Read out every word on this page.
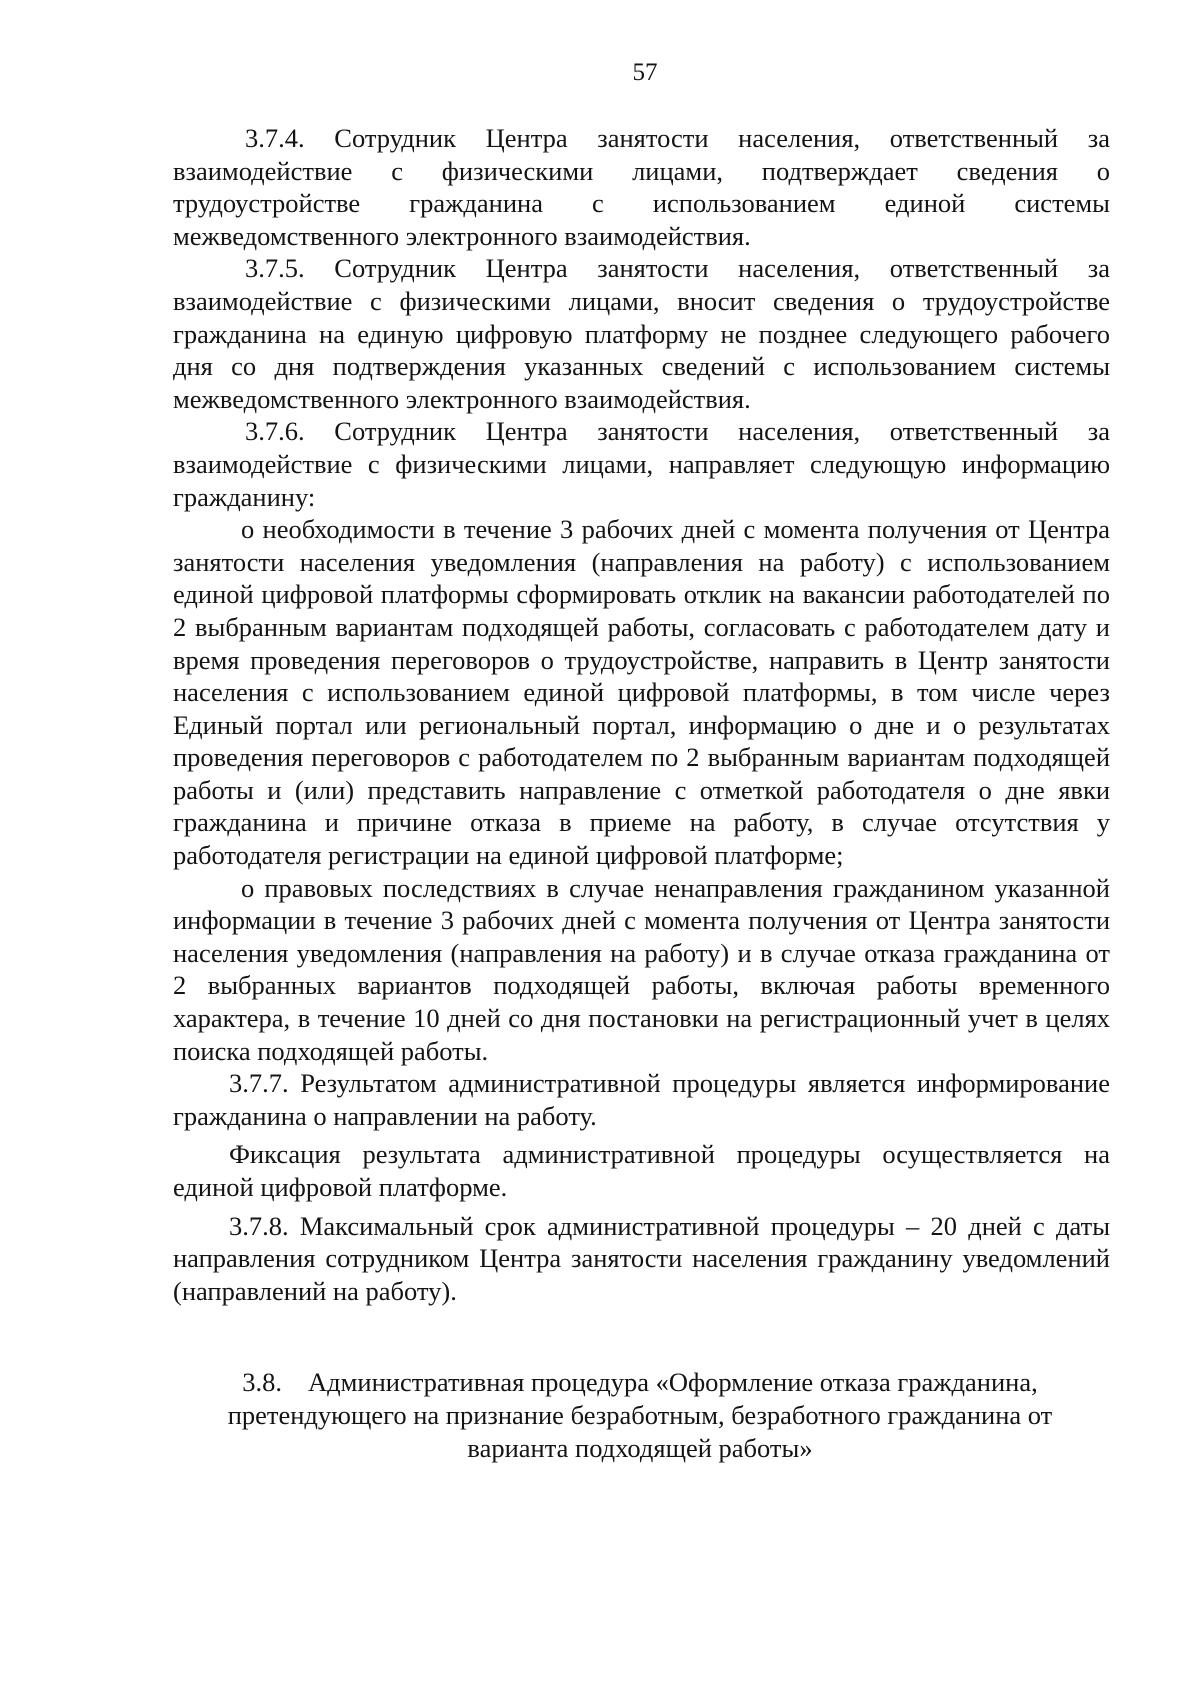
57

3.7.4. Сотрудник Центра занятости населения, ответственный за взаимодействие с физическими лицами, подтверждает сведения о трудоустройстве гражданина с использованием единой системы межведомственного электронного взаимодействия.

3.7.5. Сотрудник Центра занятости населения, ответственный за взаимодействие с физическими лицами, вносит сведения о трудоустройстве гражданина на единую цифровую платформу не позднее следующего рабочего дня со дня подтверждения указанных сведений с использованием системы межведомственного электронного взаимодействия.

3.7.6. Сотрудник Центра занятости населения, ответственный за взаимодействие с физическими лицами, направляет следующую информацию гражданину:

о необходимости в течение 3 рабочих дней с момента получения от Центра занятости населения уведомления (направления на работу) с использованием единой цифровой платформы сформировать отклик на вакансии работодателей по 2 выбранным вариантам подходящей работы, согласовать с работодателем дату и время проведения переговоров о трудоустройстве, направить в Центр занятости населения с использованием единой цифровой платформы, в том числе через Единый портал или региональный портал, информацию о дне и о результатах проведения переговоров с работодателем по 2 выбранным вариантам подходящей работы и (или) представить направление с отметкой работодателя о дне явки гражданина и причине отказа в приеме на работу, в случае отсутствия у работодателя регистрации на единой цифровой платформе;

о правовых последствиях в случае ненаправления гражданином указанной информации в течение 3 рабочих дней с момента получения от Центра занятости населения уведомления (направления на работу) и в случае отказа гражданина от 2 выбранных вариантов подходящей работы, включая работы временного характера, в течение 10 дней со дня постановки на регистрационный учет в целях поиска подходящей работы.

3.7.7. Результатом административной процедуры является информирование гражданина о направлении на работу.

Фиксация результата административной процедуры осуществляется на единой цифровой платформе.

3.7.8. Максимальный срок административной процедуры – 20 дней с даты направления сотрудником Центра занятости населения гражданину уведомлений (направлений на работу).

3.8. Административная процедура «Оформление отказа гражданина, претендующего на признание безработным, безработного гражданина от варианта подходящей работы»
